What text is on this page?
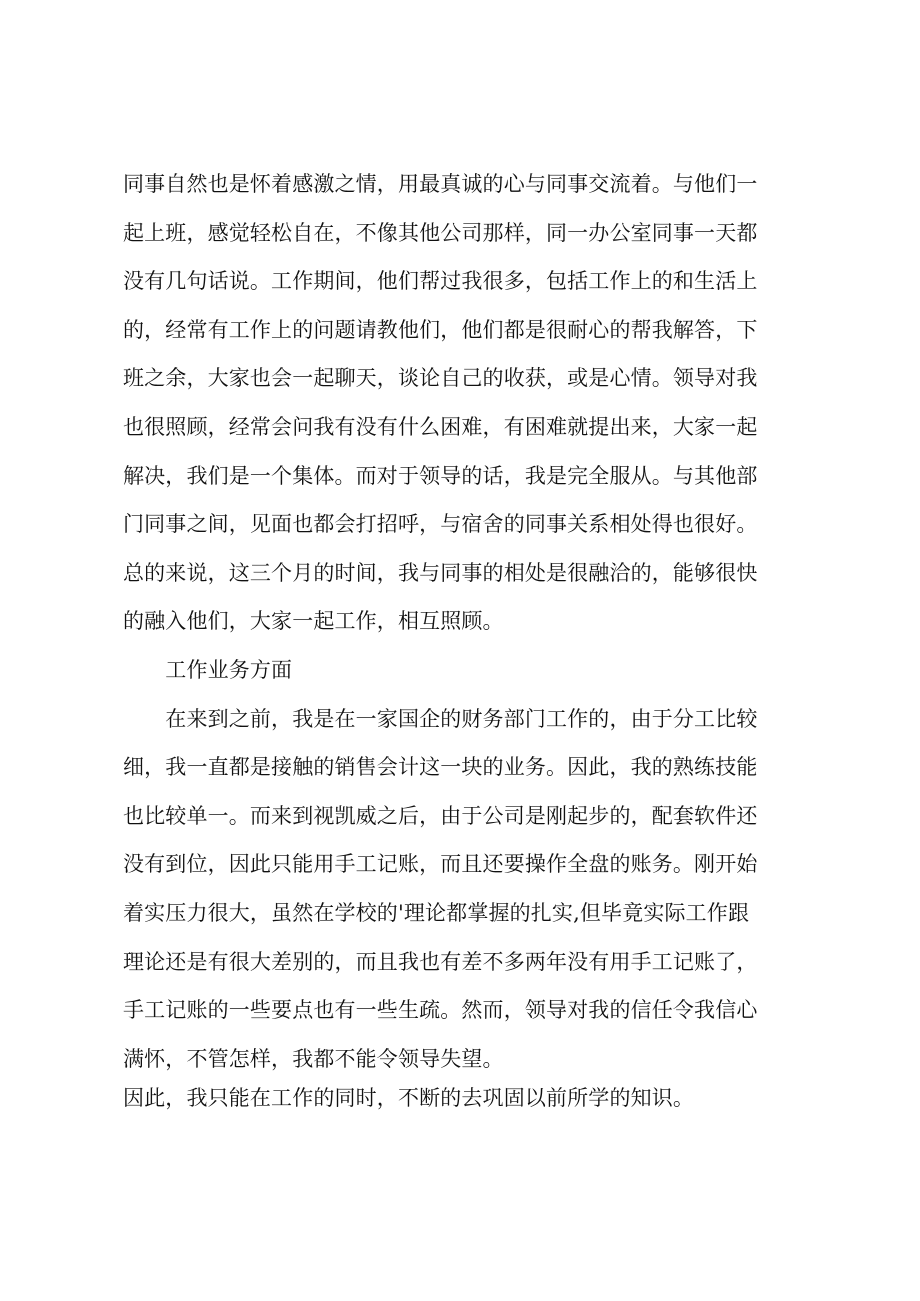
同事自然也是怀着感激之情，用最真诚的心与同事交流着。与他们一

起上班，感觉轻松自在，不像其他公司那样，同一办公室同事一天都

没有几句话说。工作期间，他们帮过我很多，包括工作上的和生活上

的，经常有工作上的问题请教他们，他们都是很耐心的帮我解答，下

班之余，大家也会一起聊天，谈论自己的收获，或是心情。领导对我

也很照顾，经常会问我有没有什么困难，有困难就提出来，大家一起

解决，我们是一个集体。而对于领导的话，我是完全服从。与其他部

门同事之间，见面也都会打招呼，与宿舍的同事关系相处得也很好。

总的来说，这三个月的时间，我与同事的相处是很融洽的，能够很快

的融入他们，大家一起工作，相互照顾。

　　工作业务方面

　　在来到之前，我是在一家国企的财务部门工作的，由于分工比较

细，我一直都是接触的销售会计这一块的业务。因此，我的熟练技能

也比较单一。而来到视凯威之后，由于公司是刚起步的，配套软件还

没有到位，因此只能用手工记账，而且还要操作全盘的账务。刚开始

着实压力很大，虽然在学校的'理论都掌握的扎实,但毕竟实际工作跟

理论还是有很大差别的，而且我也有差不多两年没有用手工记账了，

手工记账的一些要点也有一些生疏。然而，领导对我的信任令我信心

满怀，不管怎样，我都不能令领导失望。

因此，我只能在工作的同时，不断的去巩固以前所学的知识。
